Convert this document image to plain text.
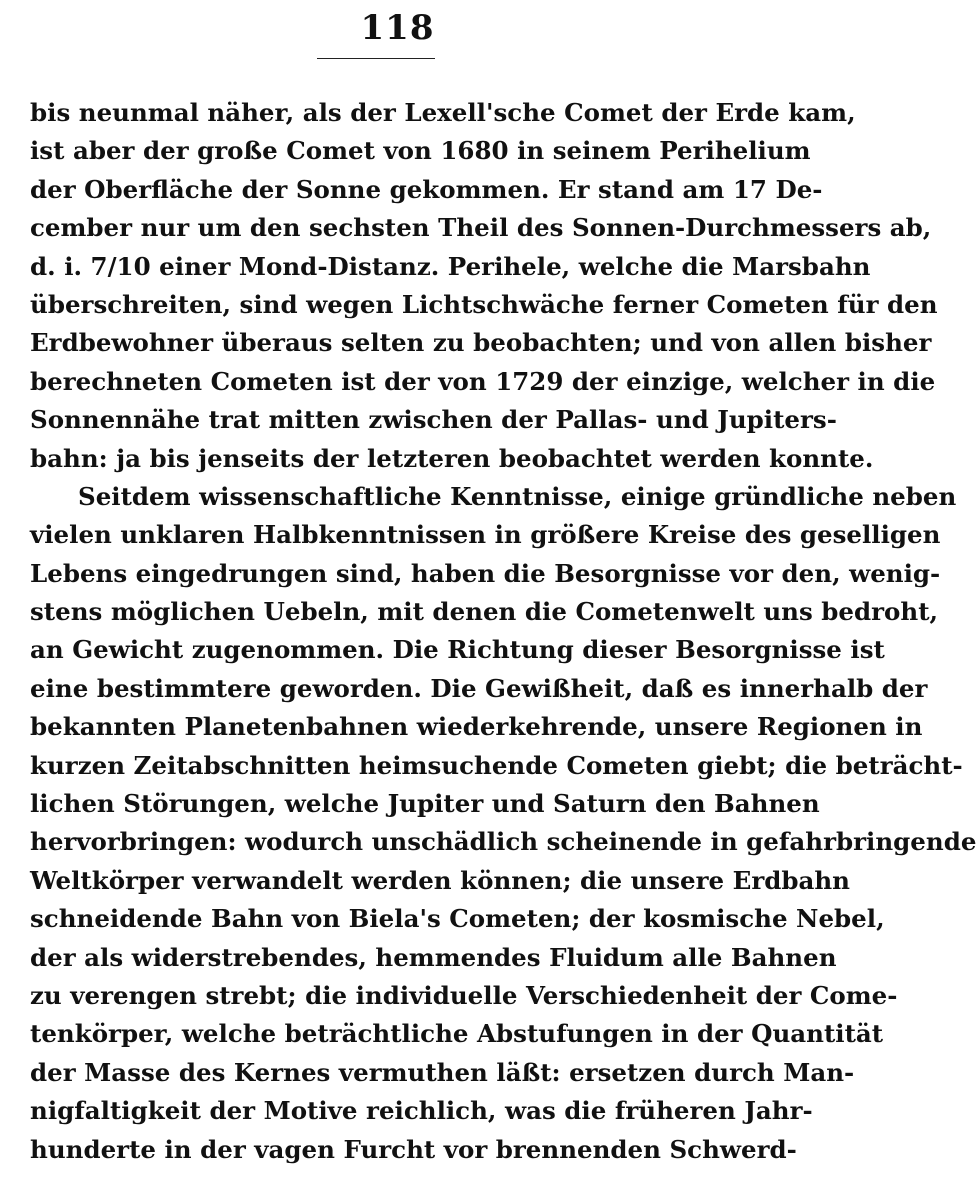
118
bis neunmal näher, als der Lexell'sche Comet der Erde kam,
ist aber der große Comet von 1680 in seinem Perihelium
der Oberfläche der Sonne gekommen. Er stand am 17 De-
cember nur um den sechsten Theil des Sonnen-Durchmessers ab,
d. i. 7/10 einer Mond-Distanz. Perihele, welche die Marsbahn
überschreiten, sind wegen Lichtschwäche ferner Cometen für den
Erdbewohner überaus selten zu beobachten; und von allen bisher
berechneten Cometen ist der von 1729 der einzige, welcher in die
Sonnennähe trat mitten zwischen der Pallas- und Jupiters-
bahn: ja bis jenseits der letzteren beobachtet werden konnte.
Seitdem wissenschaftliche Kenntnisse, einige gründliche neben
vielen unklaren Halbkenntnissen in größere Kreise des geselligen
Lebens eingedrungen sind, haben die Besorgnisse vor den, wenig-
stens möglichen Uebeln, mit denen die Cometenwelt uns bedroht,
an Gewicht zugenommen. Die Richtung dieser Besorgnisse ist
eine bestimmtere geworden. Die Gewißheit, daß es innerhalb der
bekannten Planetenbahnen wiederkehrende, unsere Regionen in
kurzen Zeitabschnitten heimsuchende Cometen giebt; die beträcht-
lichen Störungen, welche Jupiter und Saturn den Bahnen
hervorbringen: wodurch unschädlich scheinende in gefahrbringende
Weltkörper verwandelt werden können; die unsere Erdbahn
schneidende Bahn von Biela's Cometen; der kosmische Nebel,
der als widerstrebendes, hemmendes Fluidum alle Bahnen
zu verengen strebt; die individuelle Verschiedenheit der Come-
tenkörper, welche beträchtliche Abstufungen in der Quantität
der Masse des Kernes vermuthen läßt: ersetzen durch Man-
nigfaltigkeit der Motive reichlich, was die früheren Jahr-
hunderte in der vagen Furcht vor brennenden Schwerd-
